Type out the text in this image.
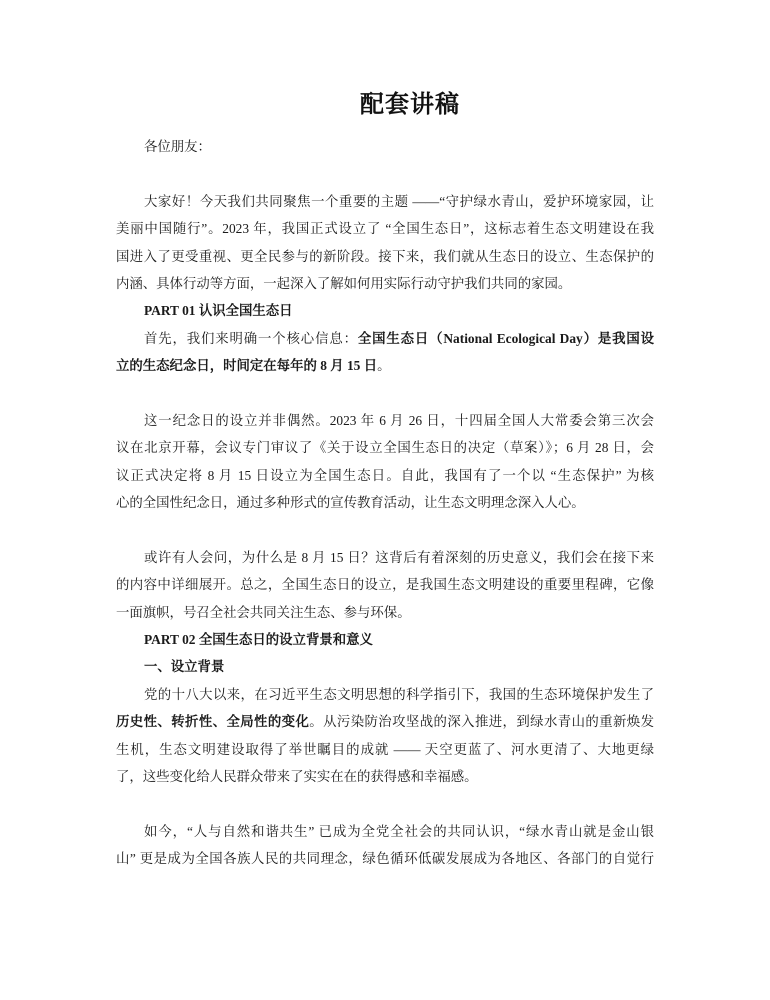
配套讲稿
各位朋友：
大家好！今天我们共同聚焦一个重要的主题 ——“守护绿水青山，爱护环境家园，让
美丽中国随行”。2023 年，我国正式设立了 “全国生态日”，这标志着生态文明建设在我
国进入了更受重视、更全民参与的新阶段。接下来，我们就从生态日的设立、生态保护的
内涵、具体行动等方面，一起深入了解如何用实际行动守护我们共同的家园。
PART 01 认识全国生态日
首先，我们来明确一个核心信息：全国生态日（National Ecological Day）是我国设
立的生态纪念日，时间定在每年的 8 月 15 日。
这一纪念日的设立并非偶然。2023 年 6 月 26 日，十四届全国人大常委会第三次会
议在北京开幕，会议专门审议了《关于设立全国生态日的决定（草案）》；6 月 28 日，会
议正式决定将 8 月 15 日设立为全国生态日。自此，我国有了一个以 “生态保护” 为核
心的全国性纪念日，通过多种形式的宣传教育活动，让生态文明理念深入人心。
或许有人会问，为什么是 8 月 15 日？这背后有着深刻的历史意义，我们会在接下来
的内容中详细展开。总之，全国生态日的设立，是我国生态文明建设的重要里程碑，它像
一面旗帜，号召全社会共同关注生态、参与环保。
PART 02 全国生态日的设立背景和意义
一、设立背景
党的十八大以来，在习近平生态文明思想的科学指引下，我国的生态环境保护发生了
历史性、转折性、全局性的变化。从污染防治攻坚战的深入推进，到绿水青山的重新焕发
生机，生态文明建设取得了举世瞩目的成就 —— 天空更蓝了、河水更清了、大地更绿
了，这些变化给人民群众带来了实实在在的获得感和幸福感。
如今，“人与自然和谐共生” 已成为全党全社会的共同认识，“绿水青山就是金山银
山” 更是成为全国各族人民的共同理念，绿色循环低碳发展成为各地区、各部门的自觉行
